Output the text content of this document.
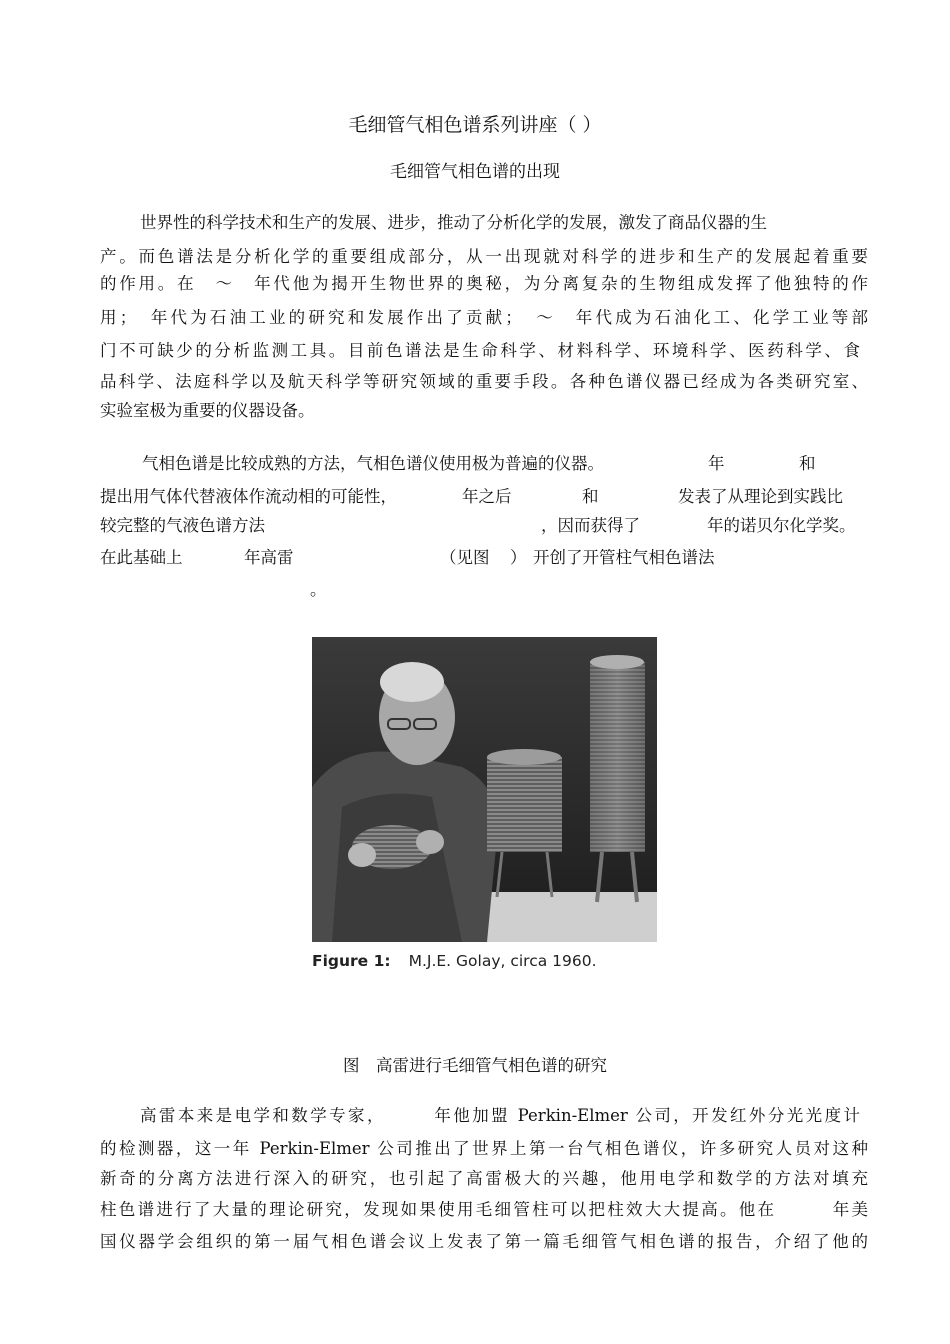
毛细管气相色谱系列讲座（ ）
毛细管气相色谱的出现
世界性的科学技术和生产的发展、进步，推动了分析化学的发展，激发了商品仪器的生
产。而色谱法是分析化学的重要组成部分，从一出现就对科学的进步和生产的发展起着重要
的作用。在　～　年代他为揭开生物世界的奥秘，为分离复杂的生物组成发挥了他独特的作
用；　年代为石油工业的研究和发展作出了贡献；　～　年代成为石油化工、化学工业等部
门不可缺少的分析监测工具。目前色谱法是生命科学、材料科学、环境科学、医药科学、食
品科学、法庭科学以及航天科学等研究领域的重要手段。各种色谱仪器已经成为各类研究室、
实验室极为重要的仪器设备。
气相色谱是比较成熟的方法，气相色谱仪使用极为普遍的仪器。	年	和
提出用气体代替液体作流动相的可能性，	年之后	和	发表了从理论到实践比
较完整的气液色谱方法	，因而获得了	年的诺贝尔化学奖。
在此基础上	年高雷	（见图 ） 开创了开管柱气相色谱法
。
Figure 1: M.J.E. Golay, circa 1960.
图　高雷进行毛细管气相色谱的研究
高雷本来是电学和数学专家，　　　年他加盟 Perkin-Elmer 公司，开发红外分光光度计
的检测器，这一年 Perkin-Elmer 公司推出了世界上第一台气相色谱仪，许多研究人员对这种
新奇的分离方法进行深入的研究，也引起了高雷极大的兴趣，他用电学和数学的方法对填充
柱色谱进行了大量的理论研究，发现如果使用毛细管柱可以把柱效大大提高。他在　　　年美
国仪器学会组织的第一届气相色谱会议上发表了第一篇毛细管气相色谱的报告，介绍了他的
